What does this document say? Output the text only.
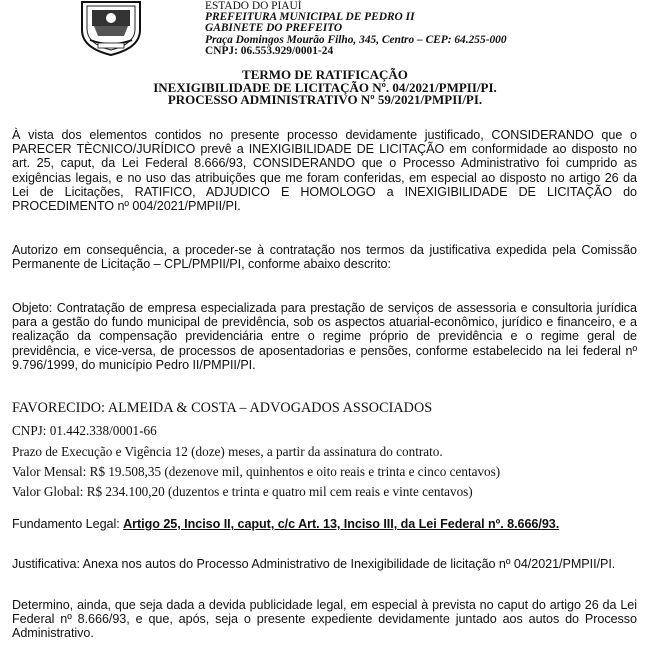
ESTADO DO PIAUÍ
PREFEITURA MUNICIPAL DE PEDRO II
GABINETE DO PREFEITO
Praça Domingos Mourão Filho, 345, Centro – CEP: 64.255-000
CNPJ: 06.553.929/0001-24
TERMO DE RATIFICAÇÃO
INEXIGIBILIDADE DE LICITAÇÃO Nº. 04/2021/PMPII/PI.
PROCESSO ADMINISTRATIVO Nº 59/2021/PMPII/PI.
À vista dos elementos contidos no presente processo devidamente justificado, CONSIDERANDO que o PARECER TÈCNICO/JURÍDICO prevê a INEXIGIBILIDADE DE LICITAÇÃO em conformidade ao disposto no art. 25, caput, da Lei Federal 8.666/93, CONSIDERANDO que o Processo Administrativo foi cumprido as exigências legais, e no uso das atribuições que me foram conferidas, em especial ao disposto no artigo 26 da Lei de Licitações, RATIFICO, ADJUDICO E HOMOLOGO a INEXIGIBILIDADE DE LICITAÇÃO do PROCEDIMENTO nº 004/2021/PMPII/PI.
Autorizo em consequência, a proceder-se à contratação nos termos da justificativa expedida pela Comissão Permanente de Licitação – CPL/PMPII/PI, conforme abaixo descrito:
Objeto: Contratação de empresa especializada para prestação de serviços de assessoria e consultoria jurídica para a gestão do fundo municipal de previdência, sob os aspectos atuarial-econômico, jurídico e financeiro, e a realização da compensação previdenciária entre o regime próprio de previdência e o regime geral de previdência, e vice-versa, de processos de aposentadorias e pensões, conforme estabelecido na lei federal nº 9.796/1999, do município Pedro II/PMPII/PI.
FAVORECIDO: ALMEIDA & COSTA – ADVOGADOS ASSOCIADOS
CNPJ: 01.442.338/0001-66
Prazo de Execução e Vigência 12 (doze) meses, a partir da assinatura do contrato.
Valor Mensal: R$ 19.508,35 (dezenove mil, quinhentos e oito reais e trinta e cinco centavos)
Valor Global: R$ 234.100,20 (duzentos e trinta e quatro mil cem reais e vinte centavos)
Fundamento Legal: Artigo 25, Inciso II, caput, c/c Art. 13, Inciso III, da Lei Federal nº. 8.666/93.
Justificativa: Anexa nos autos do Processo Administrativo de Inexigibilidade de licitação nº 04/2021/PMPII/PI.
Determino, ainda, que seja dada a devida publicidade legal, em especial à prevista no caput do artigo 26 da Lei Federal nº 8.666/93, e que, após, seja o presente expediente devidamente juntado aos autos do Processo Administrativo.
